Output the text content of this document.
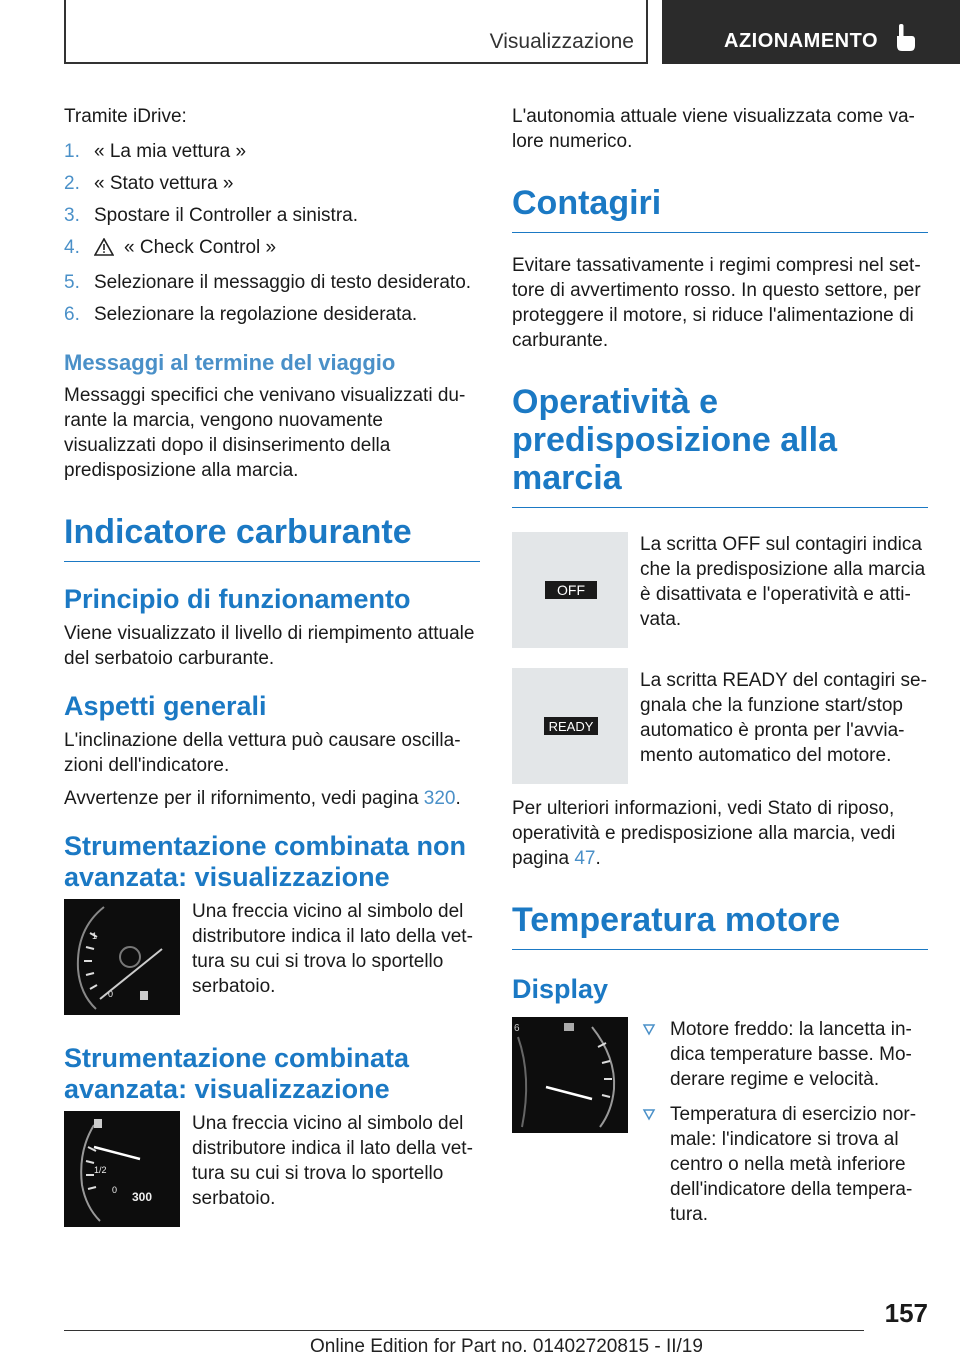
Visualizzazione	AZIONAMENTO

Tramite iDrive:

1. « La mia vettura »
2. « Stato vettura »
3. Spostare il Controller a sinistra.
4. « Check Control »
5. Selezionare il messaggio di testo desiderato.
6. Selezionare la regolazione desiderata.
Messaggi al termine del viaggio

Messaggi specifici che venivano visualizzati durante la marcia, vengono nuovamente visualizzati dopo il disinserimento della predisposizione alla marcia.

Indicatore carburante
Principio di funzionamento

Viene visualizzato il livello di riempimento attuale del serbatoio carburante.

Aspetti generali

L'inclinazione della vettura può causare oscillazioni dell'indicatore.

Avvertenze per il rifornimento, vedi pagina 320.

Strumentazione combinata non avanzata: visualizzazione
1
0

Una freccia vicino al simbolo del distributore indica il lato della vettura su cui si trova lo sportello serbatoio.

Strumentazione combinata avanzata: visualizzazione
1/2
0 300

Una freccia vicino al simbolo del distributore indica il lato della vettura su cui si trova lo sportello serbatoio.

L'autonomia attuale viene visualizzata come valore numerico.

Contagiri

Evitare tassativamente i regimi compresi nel settore di avvertimento rosso. In questo settore, per proteggere il motore, si riduce l'alimentazione di carburante.

Operatività e predisposizione alla marcia
OFF

La scritta OFF sul contagiri indica che la predisposizione alla marcia è disattivata e l'operatività e attivata.

READY

La scritta READY del contagiri segnala che la funzione start/stop automatico è pronta per l'avviamento automatico del motore.

Per ulteriori informazioni, vedi Stato di riposo, operatività e predisposizione alla marcia, vedi pagina 47.

Temperatura motore
Display
6	Motore freddo: la lancetta indica temperature basse. Moderare regime e velocità.
Temperatura di esercizio normale: l'indicatore si trova al centro o nella metà inferiore dell'indicatore della temperatura.
157
Online Edition for Part no. 01402720815 - II/19
